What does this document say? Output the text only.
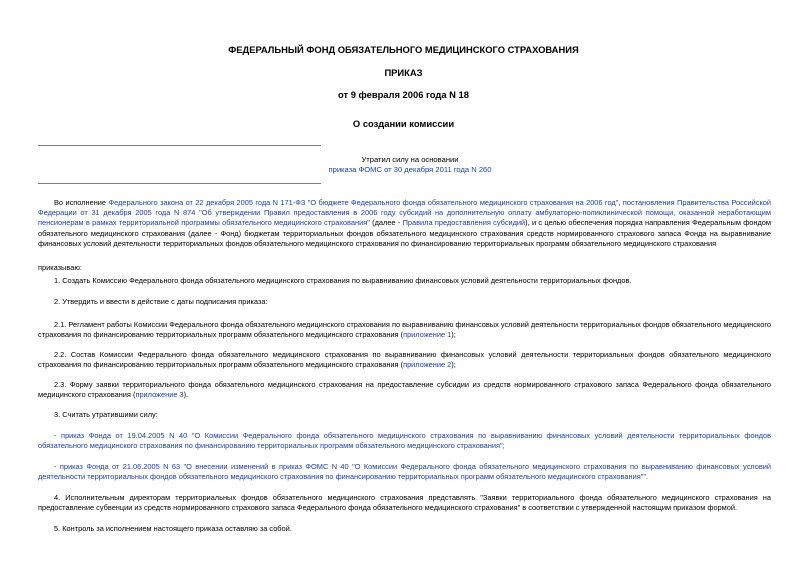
ФЕДЕРАЛЬНЫЙ ФОНД ОБЯЗАТЕЛЬНОГО МЕДИЦИНСКОГО СТРАХОВАНИЯ
ПРИКАЗ
от 9 февраля 2006 года N 18
О создании комиссии
Утратил силу на основании
приказа ФОМС от 30 декабря 2011 года N 260
Во исполнение Федерального закона от 22 декабря 2005 года N 171-ФЗ "О бюджете Федерального фонда обязательного медицинского страхования на 2006 год", постановления Правительства Российской Федерации от 31 декабря 2005 года N 874 "Об утверждении Правил предоставления в 2006 году субсидий на дополнительную оплату амбулаторно-поликлинической помощи, оказанной неработающим пенсионерам в рамках территориальной программы обязательного медицинского страхования" (далее - Правила предоставления субсидий), и с целью обеспечения порядка направления Федеральным фондом обязательного медицинского страхования (далее - Фонд) бюджетам территориальных фондов обязательного медицинского страхования средств нормированного страхового запаса Фонда на выравнивание финансовых условий деятельности территориальных фондов обязательного медицинского страхования по финансированию территориальных программ обязательного медицинского страхования
приказываю:
1. Создать Комиссию Федерального фонда обязательного медицинского страхования по выравниванию финансовых условий деятельности территориальных фондов.
2. Утвердить и ввести в действие с даты подписания приказа:
2.1. Регламент работы Комиссии Федерального фонда обязательного медицинского страхования по выравниванию финансовых условий деятельности территориальных фондов обязательного медицинского страхования по финансированию территориальных программ обязательного медицинского страхования (приложение 1);
2.2. Состав Комиссии Федерального фонда обязательного медицинского страхования по выравниванию финансовых условий деятельности территориальных фондов обязательного медицинского страхования по финансированию территориальных программ обязательного медицинского страхования (приложение 2);
2.3. Форму заявки территориального фонда обязательного медицинского страхования на предоставление субсидии из средств нормированного страхового запаса Федерального фонда обязательного медицинского страхования (приложение 3).
3. Считать утратившими силу:
- приказ Фонда от 19.04.2005 N 40 "О Комиссии Федерального фонда обязательного медицинского страхования по выравниванию финансовых условий деятельности территориальных фондов обязательного медицинского страхования по финансированию территориальных программ обязательного медицинского страхования";
- приказ Фонда от 21.06.2005 N 63 "О внесении изменений в приказ ФОМС N 40 "О Комиссии Федерального фонда обязательного медицинского страхования по выравниванию финансовых условий деятельности территориальных фондов обязательного медицинского страхования по финансированию территориальных программ обязательного медицинского страхования"".
4. Исполнительным директорам территориальных фондов обязательного медицинского страхования представлять "Заявки территориального фонда обязательного медицинского страхования на предоставление субвенции из средств нормированного страхового запаса Федерального фонда обязательного медицинского страхования" в соответствии с утвержденной настоящим приказом формой.
5. Контроль за исполнением настоящего приказа оставляю за собой.
